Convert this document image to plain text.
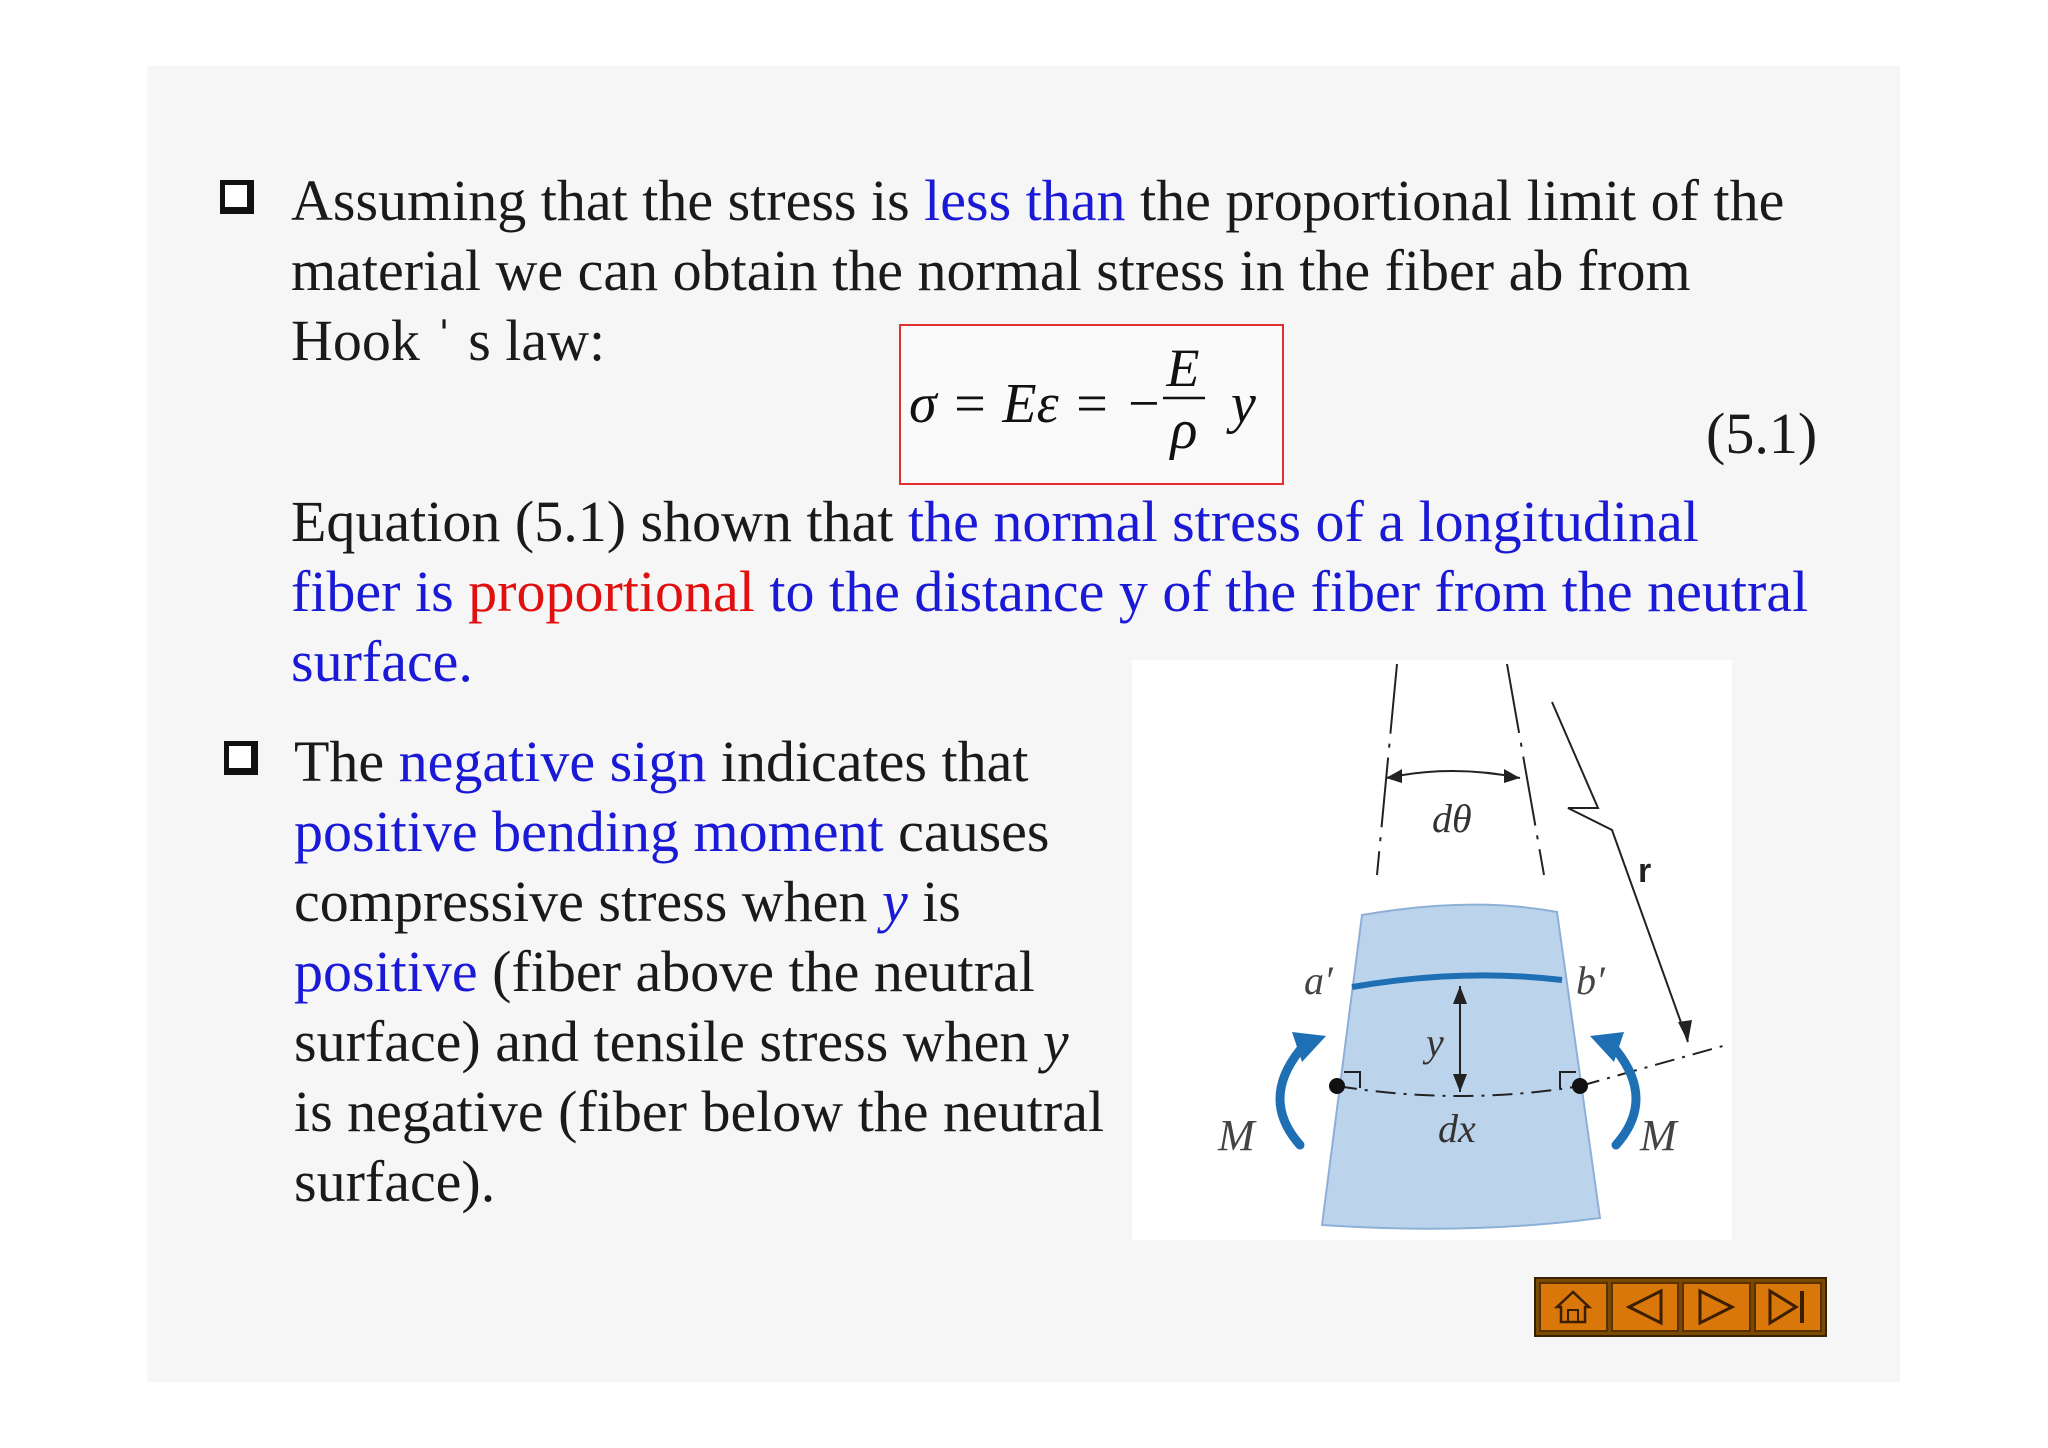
Assuming that the stress is less than the proportional limit of the
material we can obtain the normal stress in the fiber ab from
Hook ˈ s law:
σ = Eε = −
E
ρ y	(5.1)
Equation (5.1) shown that the normal stress of a longitudinal
fiber is proportional to the distance y of the fiber from the neutral
surface.
The negative sign indicates that
positive bending moment causes
compressive stress when y is
positive (fiber above the neutral
surface) and tensile stress when y
is negative (fiber below the neutral
surface).
dθ
r
y
a′	b′
dx
M	M
